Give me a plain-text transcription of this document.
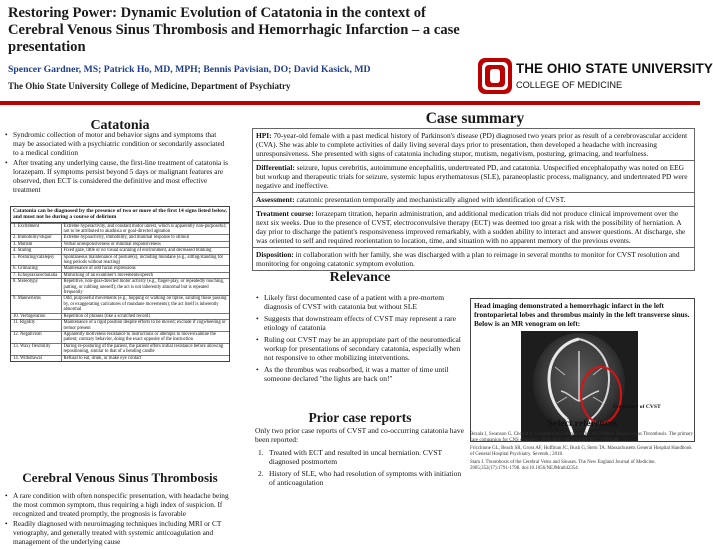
Restoring Power: Dynamic Evolution of Catatonia in the context of Cerebral Venous Sinus Thrombosis and Hemorrhagic Infarction – a case presentation
Spencer Gardner, MS; Patrick Ho, MD, MPH; Bennis Pavisian, DO; David Kasick, MD
The Ohio State University College of Medicine, Department of Psychiatry
THE OHIO STATE UNIVERSITY
COLLEGE OF MEDICINE
Catatonia
• Syndromic collection of motor and behavior signs and symptoms that may be associated with a psychiatric condition or secondarily associated to a medical condition
• After treating any underlying cause, the first-line treatment of catatonia is lorazepam. If symptoms persist beyond 5 days or malignant features are observed, then ECT is considered the definitive and most effective treatment
Catatonia can be diagnosed by the presence of two or more of the first 14 signs listed below, and must not be during a course of delirium
1. Excitement	Extreme hyperactivity, and constant motor unrest, which is apparently non-purposeful; not to be attributed to akathisia or goal-directed agitation
2. Immobility/stupor	Extreme hypoactivity, immobility, and minimal response to stimuli
3. Mutism	Verbal unresponsiveness or minimal responsiveness
4. Staring	Fixed gaze, little or no visual scanning of environment, and decreased blinking
5. Posturing/catalepsy	Spontaneous maintenance of posture(s), including mundane (e.g., sitting/standing for long periods without reacting)
6. Grimacing	Maintenance of odd facial expressions
7. Echopraxia/echolalia	Mimicking of an examiner's movements/speech
8. Stereotypy	Repetitive, non-goal-directed motor activity (e.g., finger-play, or repeatedly touching, patting, or rubbing oneself); the act is not inherently abnormal but is repeated frequently
9. Mannerisms	Odd, purposeful movements (e.g., hopping or walking on tiptoe, saluting those passing by, or exaggerating caricatures of mundane movements); the act itself is inherently abnormal
10. Verbigeration	Repetition of phrases (like a scratched record)
11. Rigidity	Maintenance of a rigid position despite efforts to be moved; exclude if cogwheeling or tremor present
12. Negativism	Apparently motiveless resistance to instructions or attempts to move/examine the patient; contrary behavior, doing the exact opposite of the instruction
13. Waxy flexibility	During re-posturing of the patient, the patient offers initial resistance before allowing repositioning, similar to that of a bending candle
14. Withdrawal	Refusal to eat, drink, or make eye contact
Cerebral Venous Sinus Thrombosis
• A rare condition with often nonspecific presentation, with headache being the most common symptom, thus requiring a high index of suspicion. If recognized and treated promptly, the prognosis is favorable
• Readily diagnosed with neuroimaging techniques including MRI or CT venography, and generally treated with systemic anticoagulation and management of the underlying cause
Case summary
HPI: 70-year-old female with a past medical history of Parkinson's disease (PD) diagnosed two years prior as result of a cerebrovascular accident (CVA). She was able to complete activities of daily living several days prior to presentation, then developed a headache with increasing unresponsiveness. She presented with signs of catatonia including stupor, mutism, negativism, posturing, grimacing, and tearfulness.
Differential: seizure, lupus cerebritis, autoimmune encephalitis, undertreated PD, and catatonia. Unspecified encephalopathy was noted on EEG but workup and therapeutic trials for seizure, systemic lupus erythematosus (SLE), paraneoplastic process, malignancy, and undertreated PD were negative and ineffective.
Assessment: catatonic presentation temporally and mechanistically aligned with identification of CVST.
Treatment course: lorazepam titration, heparin administration, and additional medication trials did not produce clinical improvement over the next six weeks. Due to the presence of CVST, electroconvulsive therapy (ECT) was deemed too great a risk with the possibility of herniation. A day prior to discharge the patient's responsiveness improved remarkably, with a sudden ability to interact and answer questions. At discharge, she was oriented to self and required reorientation to location, time, and situation with no apparent memory of the previous events.
Disposition: in collaboration with her family, she was discharged with a plan to reimage in several months to monitor for CVST resolution and monitoring for ongoing catatonic symptom evolution.
Relevance
• Likely first documented case of a patient with a pre-mortem diagnosis of CVST with catatonia but without SLE
• Suggests that downstream effects of CVST may represent a rare etiology of catatonia
• Ruling out CVST may be an appropriate part of the neuromedical workup for presentations of secondary catatonia, especially when not responsive to other mobilizing interventions.
• As the thrombus was reabsorbed, it was a matter of time until someone declared "the lights are back on!"
Head imaging demonstrated a hemorrhagic infarct in the left frontoparietal lobes and thrombus mainly in the left transverse sinus. Below is an MR venogram on left:
Frequency of CVST
Prior case reports
Only two prior case reports of CVST and co-occurring catatonia have been reported:
1. Treated with ECT and resulted in uncal herniation. CVST diagnosed postmortem
2. History of SLE, who had resolution of symptoms with initiation of anticoagulation
Select references

Bezala J, Swanson G, Chopra A. Catatonia as a Manifestation of Cerebral Venous Sinus Thrombosis. The primary care companion for CNS disorders. 2018;20(3). doi:10.4088/PCC.17l02148

Fricchione GL, Beach SR, Gross AF, Huffman JC, Bush G, Stern TA. Massachusetts General Hospital Handbook of General Hospital Psychiatry. Seventh.; 2018.

Stam J. Thrombosis of the Cerebral Veins and Sinuses. The New England Journal of Medicine. 2005;352(17):1791-1798. doi:10.1056/NEJMra042354
